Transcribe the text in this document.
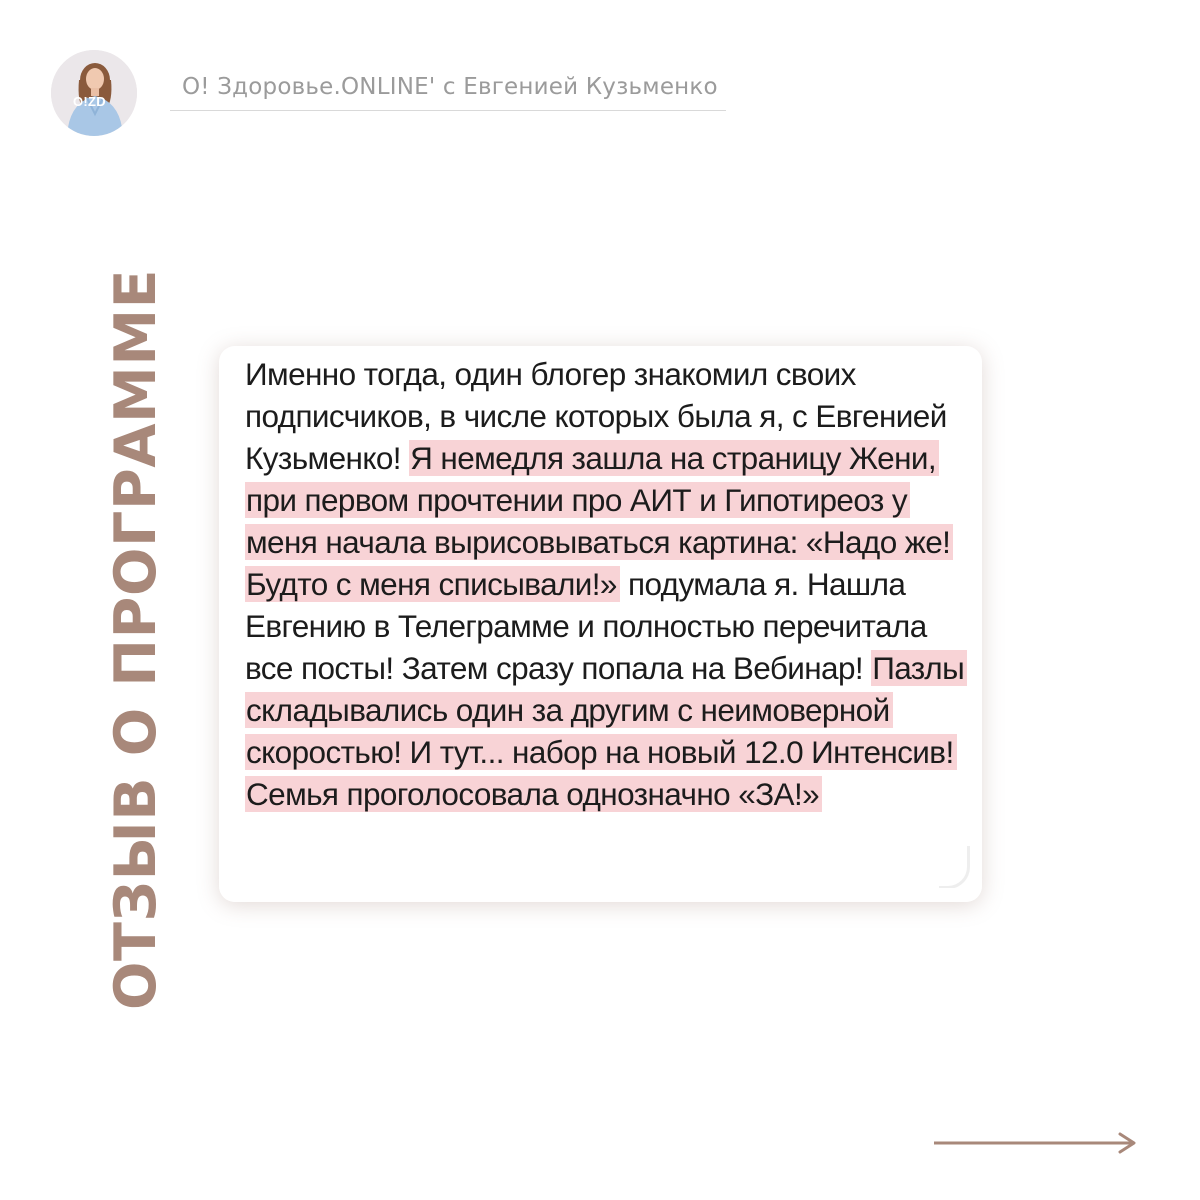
O!ZD
O! Здоровье.ONLINE' с Евгенией Кузьменко
ОТЗЫВ О ПРОГРАММЕ Именно тогда, один блогер знакомил своих подписчиков, в числе которых была я, с Евгенией Кузьменко! Я немедля зашла на страницу Жени, при первом прочтении про АИТ и Гипотиреоз у меня начала вырисовываться картина: «Надо же! Будто с меня списывали!» подумала я. Нашла Евгению в Телеграмме и полностью перечитала все посты! Затем сразу попала на Вебинар! Пазлы складывались один за другим с неимоверной скоростью! И тут... набор на новый 12.0 Интенсив! Семья проголосовала однозначно «ЗА!»
